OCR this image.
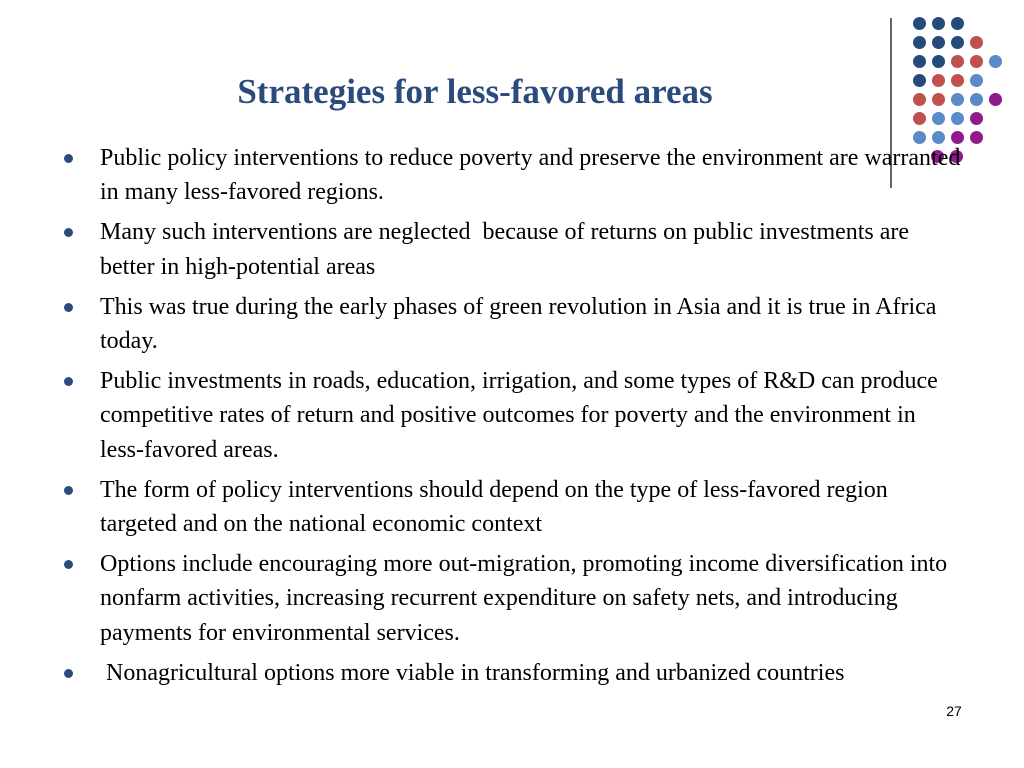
Strategies for less-favored areas
Public policy interventions to reduce poverty and preserve the environment are warranted in many less-favored regions.
Many such interventions are neglected  because of returns on public investments are better in high-potential areas
This was true during the early phases of green revolution in Asia and it is true in Africa today.
Public investments in roads, education, irrigation, and some types of R&D can produce competitive rates of return and positive outcomes for poverty and the environment in less-favored areas.
The form of policy interventions should depend on the type of less-favored region targeted and on the national economic context
Options include encouraging more out-migration, promoting income diversification into nonfarm activities, increasing recurrent expenditure on safety nets, and introducing payments for environmental services.
Nonagricultural options more viable in transforming and urbanized countries
27
